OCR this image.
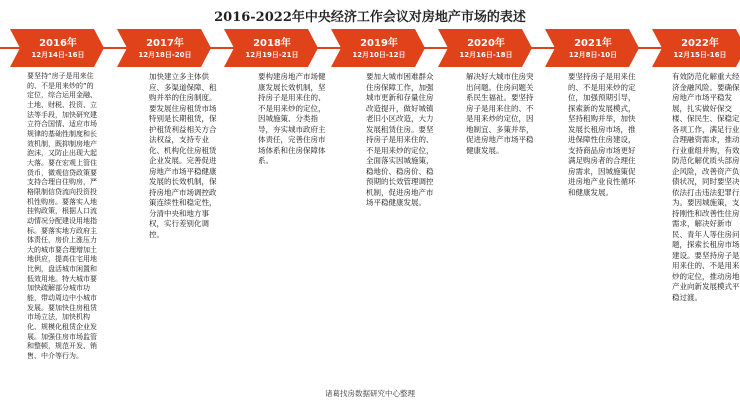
2016-2022年中央经济工作会议对房地产市场的表述
2016年
12月14日-16日
2017年
12月18日-20日
2018年
12月19日-21日
2019年
12月10日-12日
2020年
12月16日-18日
2021年
12月8日-10日
2022年
12月15日-16日
要坚持“房子是用来住的、不是用来炒的”的定位，综合运用金融、土地、财税、投资、立法等手段，加快研究建立符合国情、适应市场规律的基础性制度和长效机制，既抑制房地产泡沫，又防止出现大起大落。要在宏观上管住货币，微观信贷政策要支持合理自住购房，严格限制信贷流向投资投机性购房。要落实人地挂钩政策，根据人口流动情况分配建设用地指标。要落实地方政府主体责任，房价上涨压力大的城市要合理增加土地供应，提高住宅用地比例，盘活城市闲置和低效用地。特大城市要加快疏解部分城市功能，带动周边中小城市发展。要加快住房租赁市场立法，加快机构化、规模化租赁企业发展。加强住房市场监管和整顿，规范开发、销售、中介等行为。
加快建立多主体供应、多渠道保障、租购并举的住房制度。要发展住房租赁市场特别是长期租赁，保护租赁利益相关方合法权益，支持专业化、机构化住房租赁企业发展。完善促进房地产市场平稳健康发展的长效机制，保持房地产市场调控政策连续性和稳定性，分清中央和地方事权，实行差别化调控。
要构建房地产市场健康发展长效机制，坚持房子是用来住的、不是用来炒的定位，因城施策、分类指导，夯实城市政府主体责任，完善住房市场体系和住房保障体系。
要加大城市困难群众住房保障工作，加强城市更新和存量住房改造提升，做好城镇老旧小区改造，大力发展租赁住房。要坚持房子是用来住的、不是用来炒的定位，全面落实因城施策，稳地价、稳房价、稳预期的长效管理调控机制，促进房地产市场平稳健康发展。
解决好大城市住房突出问题。住房问题关系民生福祉。要坚持房子是用来住的、不是用来炒的定位，因地制宜、多策并举，促进房地产市场平稳健康发展。
要坚持房子是用来住的、不是用来炒的定位，加强预期引导，探索新的发展模式，坚持租购并举，加快发展长租房市场，推进保障性住房建设，支持商品房市场更好满足购房者的合理住房需求，因城施策促进房地产业良性循环和健康发展。
有效防范化解重大经济金融风险。要确保房地产市场平稳发展，扎实做好保交楼、保民生、保稳定各项工作，满足行业合理融资需求，推动行业重组并购，有效防范化解优质头部房企风险，改善资产负债状况，同时要坚决依法打击违法犯罪行为。要因城施策，支持刚性和改善性住房需求，解决好新市民、青年人等住房问题，探索长租房市场建设。要坚持房子是用来住的、不是用来炒的定位，推动房地产业向新发展模式平稳过渡。
诸葛找房数据研究中心整理
